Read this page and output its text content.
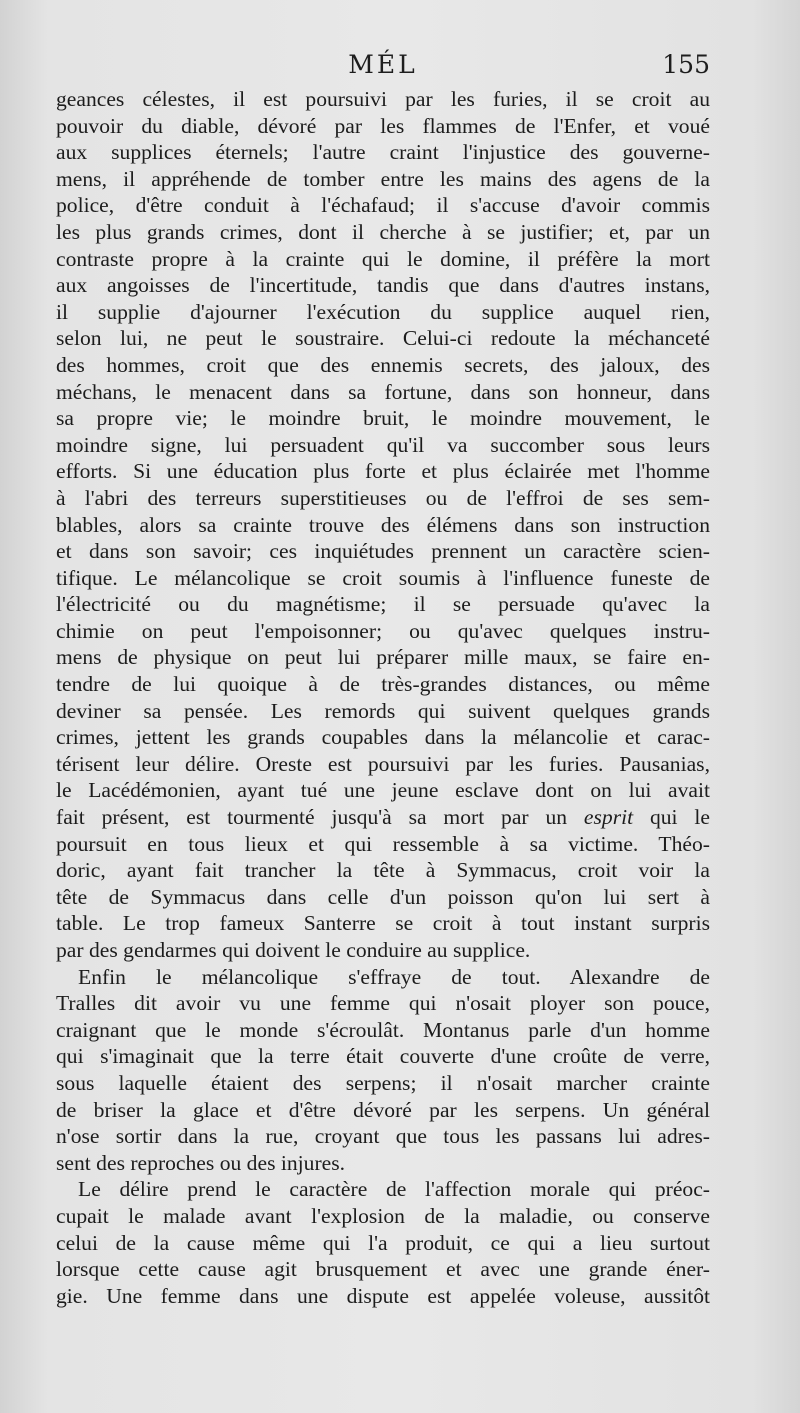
MÉL	155
geances célestes, il est poursuivi par les furies, il se croit au
pouvoir du diable, dévoré par les flammes de l'Enfer, et voué
aux supplices éternels; l'autre craint l'injustice des gouverne-
mens, il appréhende de tomber entre les mains des agens de la
police, d'être conduit à l'échafaud; il s'accuse d'avoir commis
les plus grands crimes, dont il cherche à se justifier; et, par un
contraste propre à la crainte qui le domine, il préfère la mort
aux angoisses de l'incertitude, tandis que dans d'autres instans,
il supplie d'ajourner l'exécution du supplice auquel rien,
selon lui, ne peut le soustraire. Celui-ci redoute la méchanceté
des hommes, croit que des ennemis secrets, des jaloux, des
méchans, le menacent dans sa fortune, dans son honneur, dans
sa propre vie; le moindre bruit, le moindre mouvement, le
moindre signe, lui persuadent qu'il va succomber sous leurs
efforts. Si une éducation plus forte et plus éclairée met l'homme
à l'abri des terreurs superstitieuses ou de l'effroi de ses sem-
blables, alors sa crainte trouve des élémens dans son instruction
et dans son savoir; ces inquiétudes prennent un caractère scien-
tifique. Le mélancolique se croit soumis à l'influence funeste de
l'électricité ou du magnétisme; il se persuade qu'avec la
chimie on peut l'empoisonner; ou qu'avec quelques instru-
mens de physique on peut lui préparer mille maux, se faire en-
tendre de lui quoique à de très-grandes distances, ou même
deviner sa pensée. Les remords qui suivent quelques grands
crimes, jettent les grands coupables dans la mélancolie et carac-
térisent leur délire. Oreste est poursuivi par les furies. Pausanias,
le Lacédémonien, ayant tué une jeune esclave dont on lui avait
fait présent, est tourmenté jusqu'à sa mort par un esprit qui le
poursuit en tous lieux et qui ressemble à sa victime. Théo-
doric, ayant fait trancher la tête à Symmacus, croit voir la
tête de Symmacus dans celle d'un poisson qu'on lui sert à
table. Le trop fameux Santerre se croit à tout instant surpris
par des gendarmes qui doivent le conduire au supplice.
Enfin le mélancolique s'effraye de tout. Alexandre de
Tralles dit avoir vu une femme qui n'osait ployer son pouce,
craignant que le monde s'écroulât. Montanus parle d'un homme
qui s'imaginait que la terre était couverte d'une croûte de verre,
sous laquelle étaient des serpens; il n'osait marcher crainte
de briser la glace et d'être dévoré par les serpens. Un général
n'ose sortir dans la rue, croyant que tous les passans lui adres-
sent des reproches ou des injures.
Le délire prend le caractère de l'affection morale qui préoc-
cupait le malade avant l'explosion de la maladie, ou conserve
celui de la cause même qui l'a produit, ce qui a lieu surtout
lorsque cette cause agit brusquement et avec une grande éner-
gie. Une femme dans une dispute est appelée voleuse, aussitôt
